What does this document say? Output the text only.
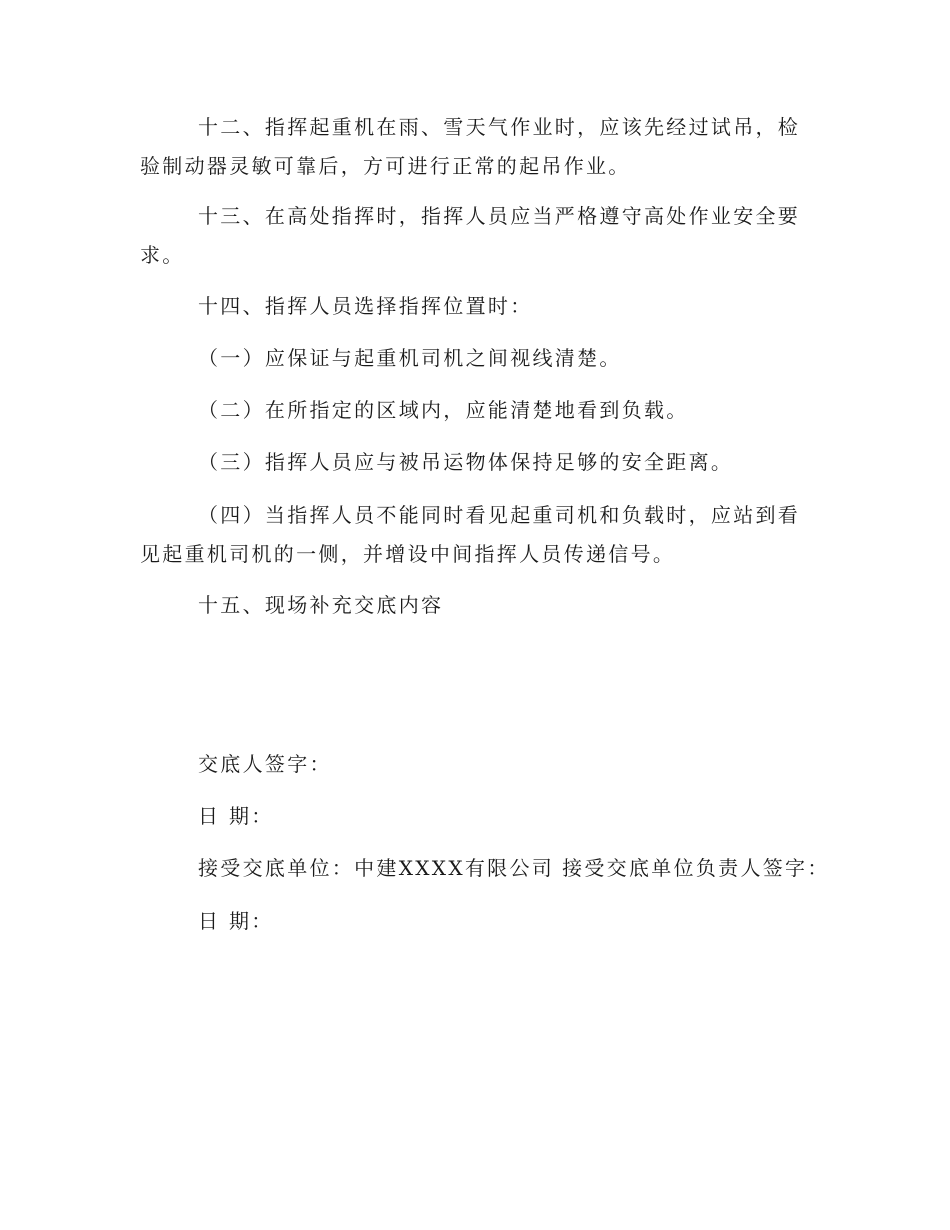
十二、指挥起重机在雨、雪天气作业时，应该先经过试吊，检验制动器灵敏可靠后，方可进行正常的起吊作业。

十三、在高处指挥时，指挥人员应当严格遵守高处作业安全要求。

十四、指挥人员选择指挥位置时：

（一）应保证与起重机司机之间视线清楚。

（二）在所指定的区域内，应能清楚地看到负载。

（三）指挥人员应与被吊运物体保持足够的安全距离。

（四）当指挥人员不能同时看见起重司机和负载时，应站到看见起重机司机的一侧，并增设中间指挥人员传递信号。

十五、现场补充交底内容

交底人签字：
日 期：
接受交底单位：中建XXXX有限公司 接受交底单位负责人签字：
日 期：
